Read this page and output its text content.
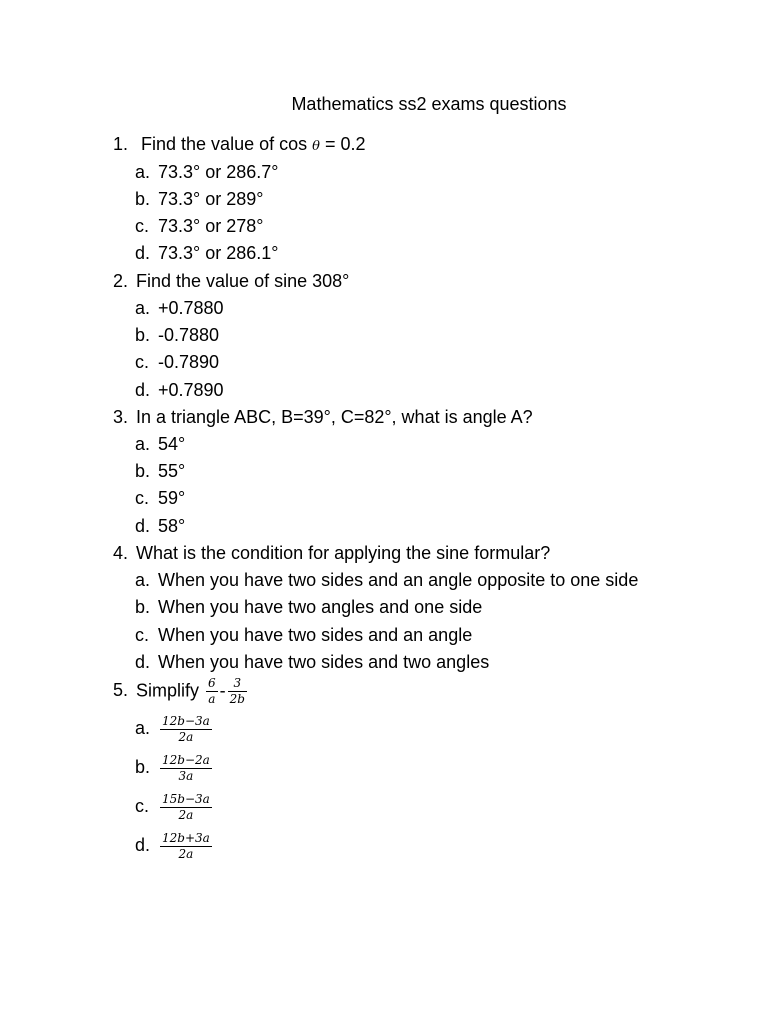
Mathematics ss2 exams questions
1. Find the value of cos θ = 0.2
a. 73.3° or 286.7°
b. 73.3° or 289°
c. 73.3° or 278°
d. 73.3° or 286.1°
2. Find the value of sine 308°
a. +0.7880
b. -0.7880
c. -0.7890
d. +0.7890
3. In a triangle ABC, B=39°, C=82°, what is angle A?
a. 54°
b. 55°
c. 59°
d. 58°
4. What is the condition for applying the sine formular?
a. When you have two sides and an angle opposite to one side
b. When you have two angles and one side
c. When you have two sides and an angle
d. When you have two sides and two angles
5. Simplify $\frac{6}{a} - \frac{3}{2b}$
a. $\frac{12b-3a}{2a}$
b. $\frac{12b-2a}{3a}$
c. $\frac{15b-3a}{2a}$
d. $\frac{12b+3a}{2a}$
